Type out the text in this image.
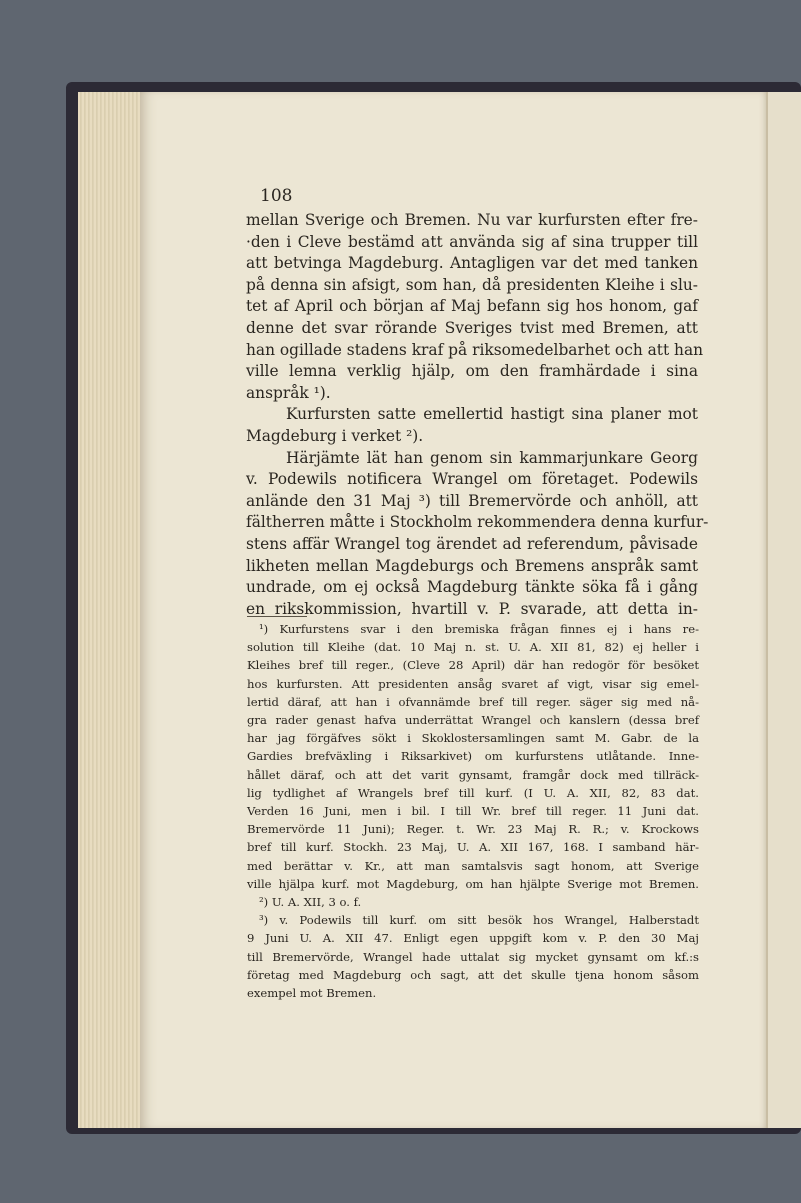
108
mellan Sverige och Bremen. Nu var kurfursten efter fre-
·den i Cleve bestämd att använda sig af sina trupper till
att betvinga Magdeburg. Antagligen var det med tanken
på denna sin afsigt, som han, då presidenten Kleihe i slu-
tet af April och början af Maj befann sig hos honom, gaf
denne det svar rörande Sveriges tvist med Bremen, att
han ogillade stadens kraf på riksomedelbarhet och att han
ville lemna verklig hjälp, om den framhärdade i sina
anspråk ¹).
Kurfursten satte emellertid hastigt sina planer mot
Magdeburg i verket ²).
Härjämte lät han genom sin kammarjunkare Georg
v. Podewils notificera Wrangel om företaget. Podewils
anlände den 31 Maj ³) till Bremervörde och anhöll, att
fältherren måtte i Stockholm rekommendera denna kurfur-
stens affär Wrangel tog ärendet ad referendum, påvisade
likheten mellan Magdeburgs och Bremens anspråk samt
undrade, om ej också Magdeburg tänkte söka få i gång
en rikskommission, hvartill v. P. svarade, att detta in-
¹) Kurfurstens svar i den bremiska frågan finnes ej i hans re-
solution till Kleihe (dat. 10 Maj n. st. U. A. XII 81, 82) ej heller i
Kleihes bref till reger., (Cleve 28 April) där han redogör för besöket
hos kurfursten. Att presidenten ansåg svaret af vigt, visar sig emel-
lertid däraf, att han i ofvannämde bref till reger. säger sig med nå-
gra rader genast hafva underrättat Wrangel och kanslern (dessa bref
har jag förgäfves sökt i Skoklostersamlingen samt M. Gabr. de la
Gardies brefväxling i Riksarkivet) om kurfurstens utlåtande. Inne-
hållet däraf, och att det varit gynsamt, framgår dock med tillräck-
lig tydlighet af Wrangels bref till kurf. (I U. A. XII, 82, 83 dat.
Verden 16 Juni, men i bil. I till Wr. bref till reger. 11 Juni dat.
Bremervörde 11 Juni); Reger. t. Wr. 23 Maj R. R.; v. Krockows
bref till kurf. Stockh. 23 Maj, U. A. XII 167, 168. I samband här-
med berättar v. Kr., att man samtalsvis sagt honom, att Sverige
ville hjälpa kurf. mot Magdeburg, om han hjälpte Sverige mot Bremen.
²) U. A. XII, 3 o. f.
³) v. Podewils till kurf. om sitt besök hos Wrangel, Halberstadt
9 Juni U. A. XII 47. Enligt egen uppgift kom v. P. den 30 Maj
till Bremervörde, Wrangel hade uttalat sig mycket gynsamt om kf.:s
företag med Magdeburg och sagt, att det skulle tjena honom såsom
exempel mot Bremen.
